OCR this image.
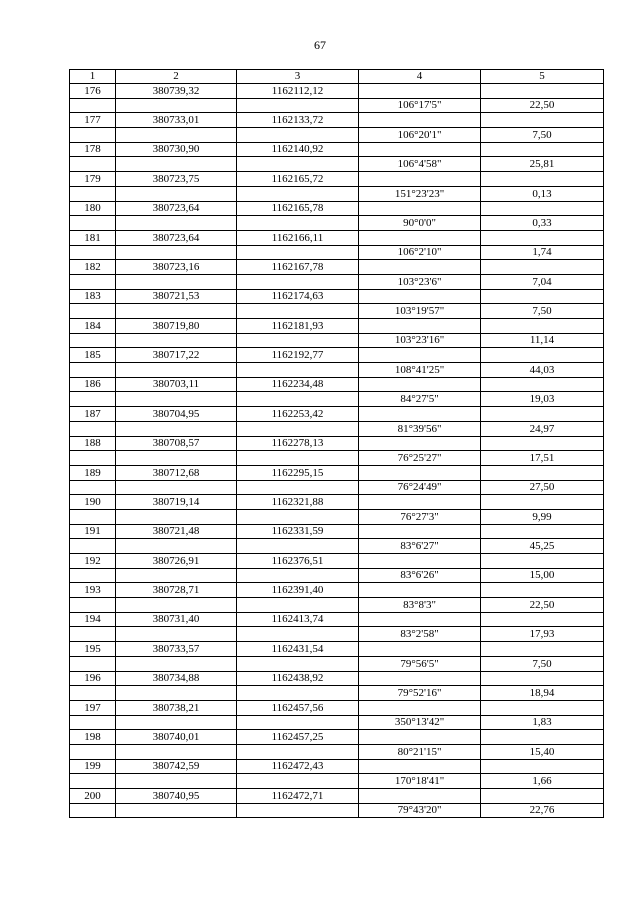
67
1	2	3	4	5
176	380739,32	1162112,12		
			106°17'5"	22,50
177	380733,01	1162133,72		
			106°20'1"	7,50
178	380730,90	1162140,92		
			106°4'58"	25,81
179	380723,75	1162165,72		
			151°23'23"	0,13
180	380723,64	1162165,78		
			90°0'0"	0,33
181	380723,64	1162166,11		
			106°2'10"	1,74
182	380723,16	1162167,78		
			103°23'6"	7,04
183	380721,53	1162174,63		
			103°19'57"	7,50
184	380719,80	1162181,93		
			103°23'16"	11,14
185	380717,22	1162192,77		
			108°41'25"	44,03
186	380703,11	1162234,48		
			84°27'5"	19,03
187	380704,95	1162253,42		
			81°39'56"	24,97
188	380708,57	1162278,13		
			76°25'27"	17,51
189	380712,68	1162295,15		
			76°24'49"	27,50
190	380719,14	1162321,88		
			76°27'3"	9,99
191	380721,48	1162331,59		
			83°6'27"	45,25
192	380726,91	1162376,51		
			83°6'26"	15,00
193	380728,71	1162391,40		
			83°8'3"	22,50
194	380731,40	1162413,74		
			83°2'58"	17,93
195	380733,57	1162431,54		
			79°56'5"	7,50
196	380734,88	1162438,92		
			79°52'16"	18,94
197	380738,21	1162457,56		
			350°13'42"	1,83
198	380740,01	1162457,25		
			80°21'15"	15,40
199	380742,59	1162472,43		
			170°18'41"	1,66
200	380740,95	1162472,71		
			79°43'20"	22,76
